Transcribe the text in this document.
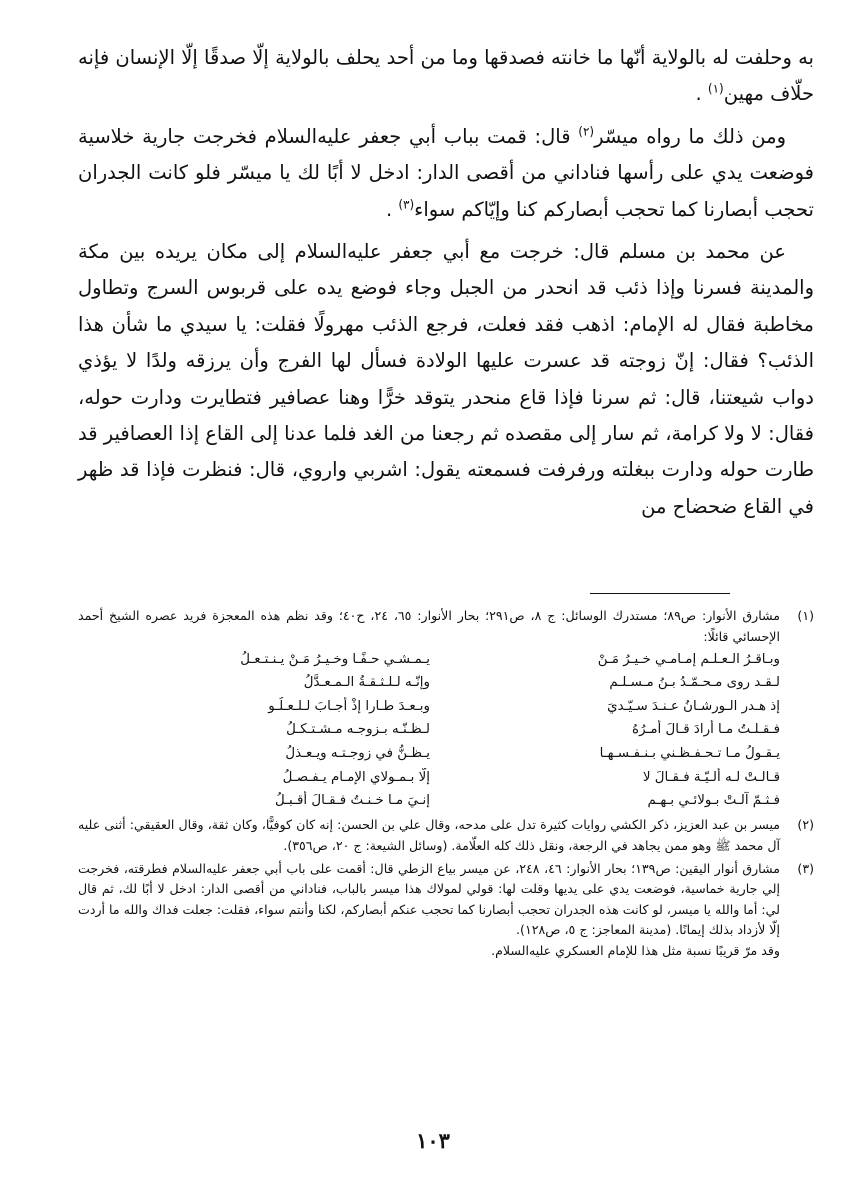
به وحلفت له بالولاية أنّها ما خانته فصدقها وما من أحد يحلف بالولاية إلّا صدقًا إلّا الإنسان فإنه حلّاف مهين$^{(١)}$ .

ومن ذلك ما رواه ميسّر$^{(٢)}$ قال: قمت بباب أبي جعفر عليه‌السلام فخرجت جارية خلاسية فوضعت يدي على رأسها فناداني من أقصى الدار: ادخل لا أبًا لك يا ميسّر فلو كانت الجدران تحجب أبصارنا كما تحجب أبصاركم كنا وإيّاكم سواء$^{(٣)}$ .

عن محمد بن مسلم قال: خرجت مع أبي جعفر عليه‌السلام إلى مكان يريده بين مكة والمدينة فسرنا وإذا ذئب قد انحدر من الجبل وجاء فوضع يده على قربوس السرج وتطاول مخاطبة فقال له الإمام: اذهب فقد فعلت، فرجع الذئب مهرولًا فقلت: يا سيدي ما شأن هذا الذئب؟ فقال: إنّ زوجته قد عسرت عليها الولادة فسأل لها الفرج وأن يرزقه ولدًا لا يؤذي دواب شيعتنا، قال: ثم سرنا فإذا قاع منحدر يتوقد خرًّا وهنا عصافير فتطايرت ودارت حوله، فقال: لا ولا كرامة، ثم سار إلى مقصده ثم رجعنا من الغد فلما عدنا إلى القاع إذا العصافير قد طارت حوله ودارت ببغلته ورفرفت فسمعته يقول: اشربي واروي، قال: فنظرت فإذا قد ظهر في القاع ضحضاح من

(١)

مشارق الأنوار: ص٨٩؛ مستدرك الوسائل: ج ٨، ص٢٩١؛ بحار الأنوار: ٦٥، ٢٤، ح٤٠؛ وقد نظم هذه المعجزة فريد عصره الشيخ أحمد الإحسائي قائلًا:

وبـاقـرُ الـعـلـم إمـامـي خـيـرُ مَـنْ
يـمـشـي حـفًـا وخـيـرُ مَـنْ يـنـتـعـلُ
لـقـد روى مـحـمّـدُ بـنُ مـسـلـم
وإنّـه لـلـثـقـةُ الـمـعـدَّلُ
إذ هـدر الـورشـانُ عـنـدَ سـيّـديَ
وبـعـدَ طـارا إذْ أجـابَ لـلـعـلُـو
فـقـلـتُ مـا أرادَ قـالَ أمـرُهُ
لـظـنّـه بـزوجـه مـشـتـكـلُ
يـقـولُ مـا تـحـفـظـني بـنـفـسـهـا
يـظـنُّ في زوجـتـه ويـعـذلُ
قـالـتْ لـه ألـيّـة فـقـالَ لا
إلّا بـمـولاي الإمـام يـفـصـلُ
فـثـمّ آلـتْ بـولائـي بـهـم
إنـيَ مـا خـنـتُ فـقـالَ أقـبـلُ
(٢)

ميسر بن عبد العزيز، ذكر الكشي روايات كثيرة تدل على مدحه، وقال علي بن الحسن: إنه كان كوفيًّا، وكان ثقة، وقال العقيقي: أثنى عليه آل محمد ﷺ وهو ممن يجاهد في الرجعة، ونقل ذلك كله العلّامة. (وسائل الشيعة: ج ٢٠، ص٣٥٦).

(٣)

مشارق أنوار اليقين: ص١٣٩؛ بحار الأنوار: ٤٦، ٢٤٨، عن ميسر بياع الزطي قال: أقمت على باب أبي جعفر عليه‌السلام فطرقته، فخرجت إلي جارية خماسية، فوضعت يدي على يديها وقلت لها: قولي لمولاك هذا ميسر بالباب، فناداني من أقصى الدار: ادخل لا أبًا لك، ثم قال لي: أما والله يا ميسر، لو كانت هذه الجدران تحجب أبصارنا كما تحجب عنكم أبصاركم، لكنا وأنتم سواء، فقلت: جعلت فداك والله ما أردت إلّا لأزداد بذلك إيمانًا. (مدينة المعاجز: ج ٥، ص١٢٨).

وقد مرّ قريبًا نسبة مثل هذا للإمام العسكري عليه‌السلام.

١٠٣
